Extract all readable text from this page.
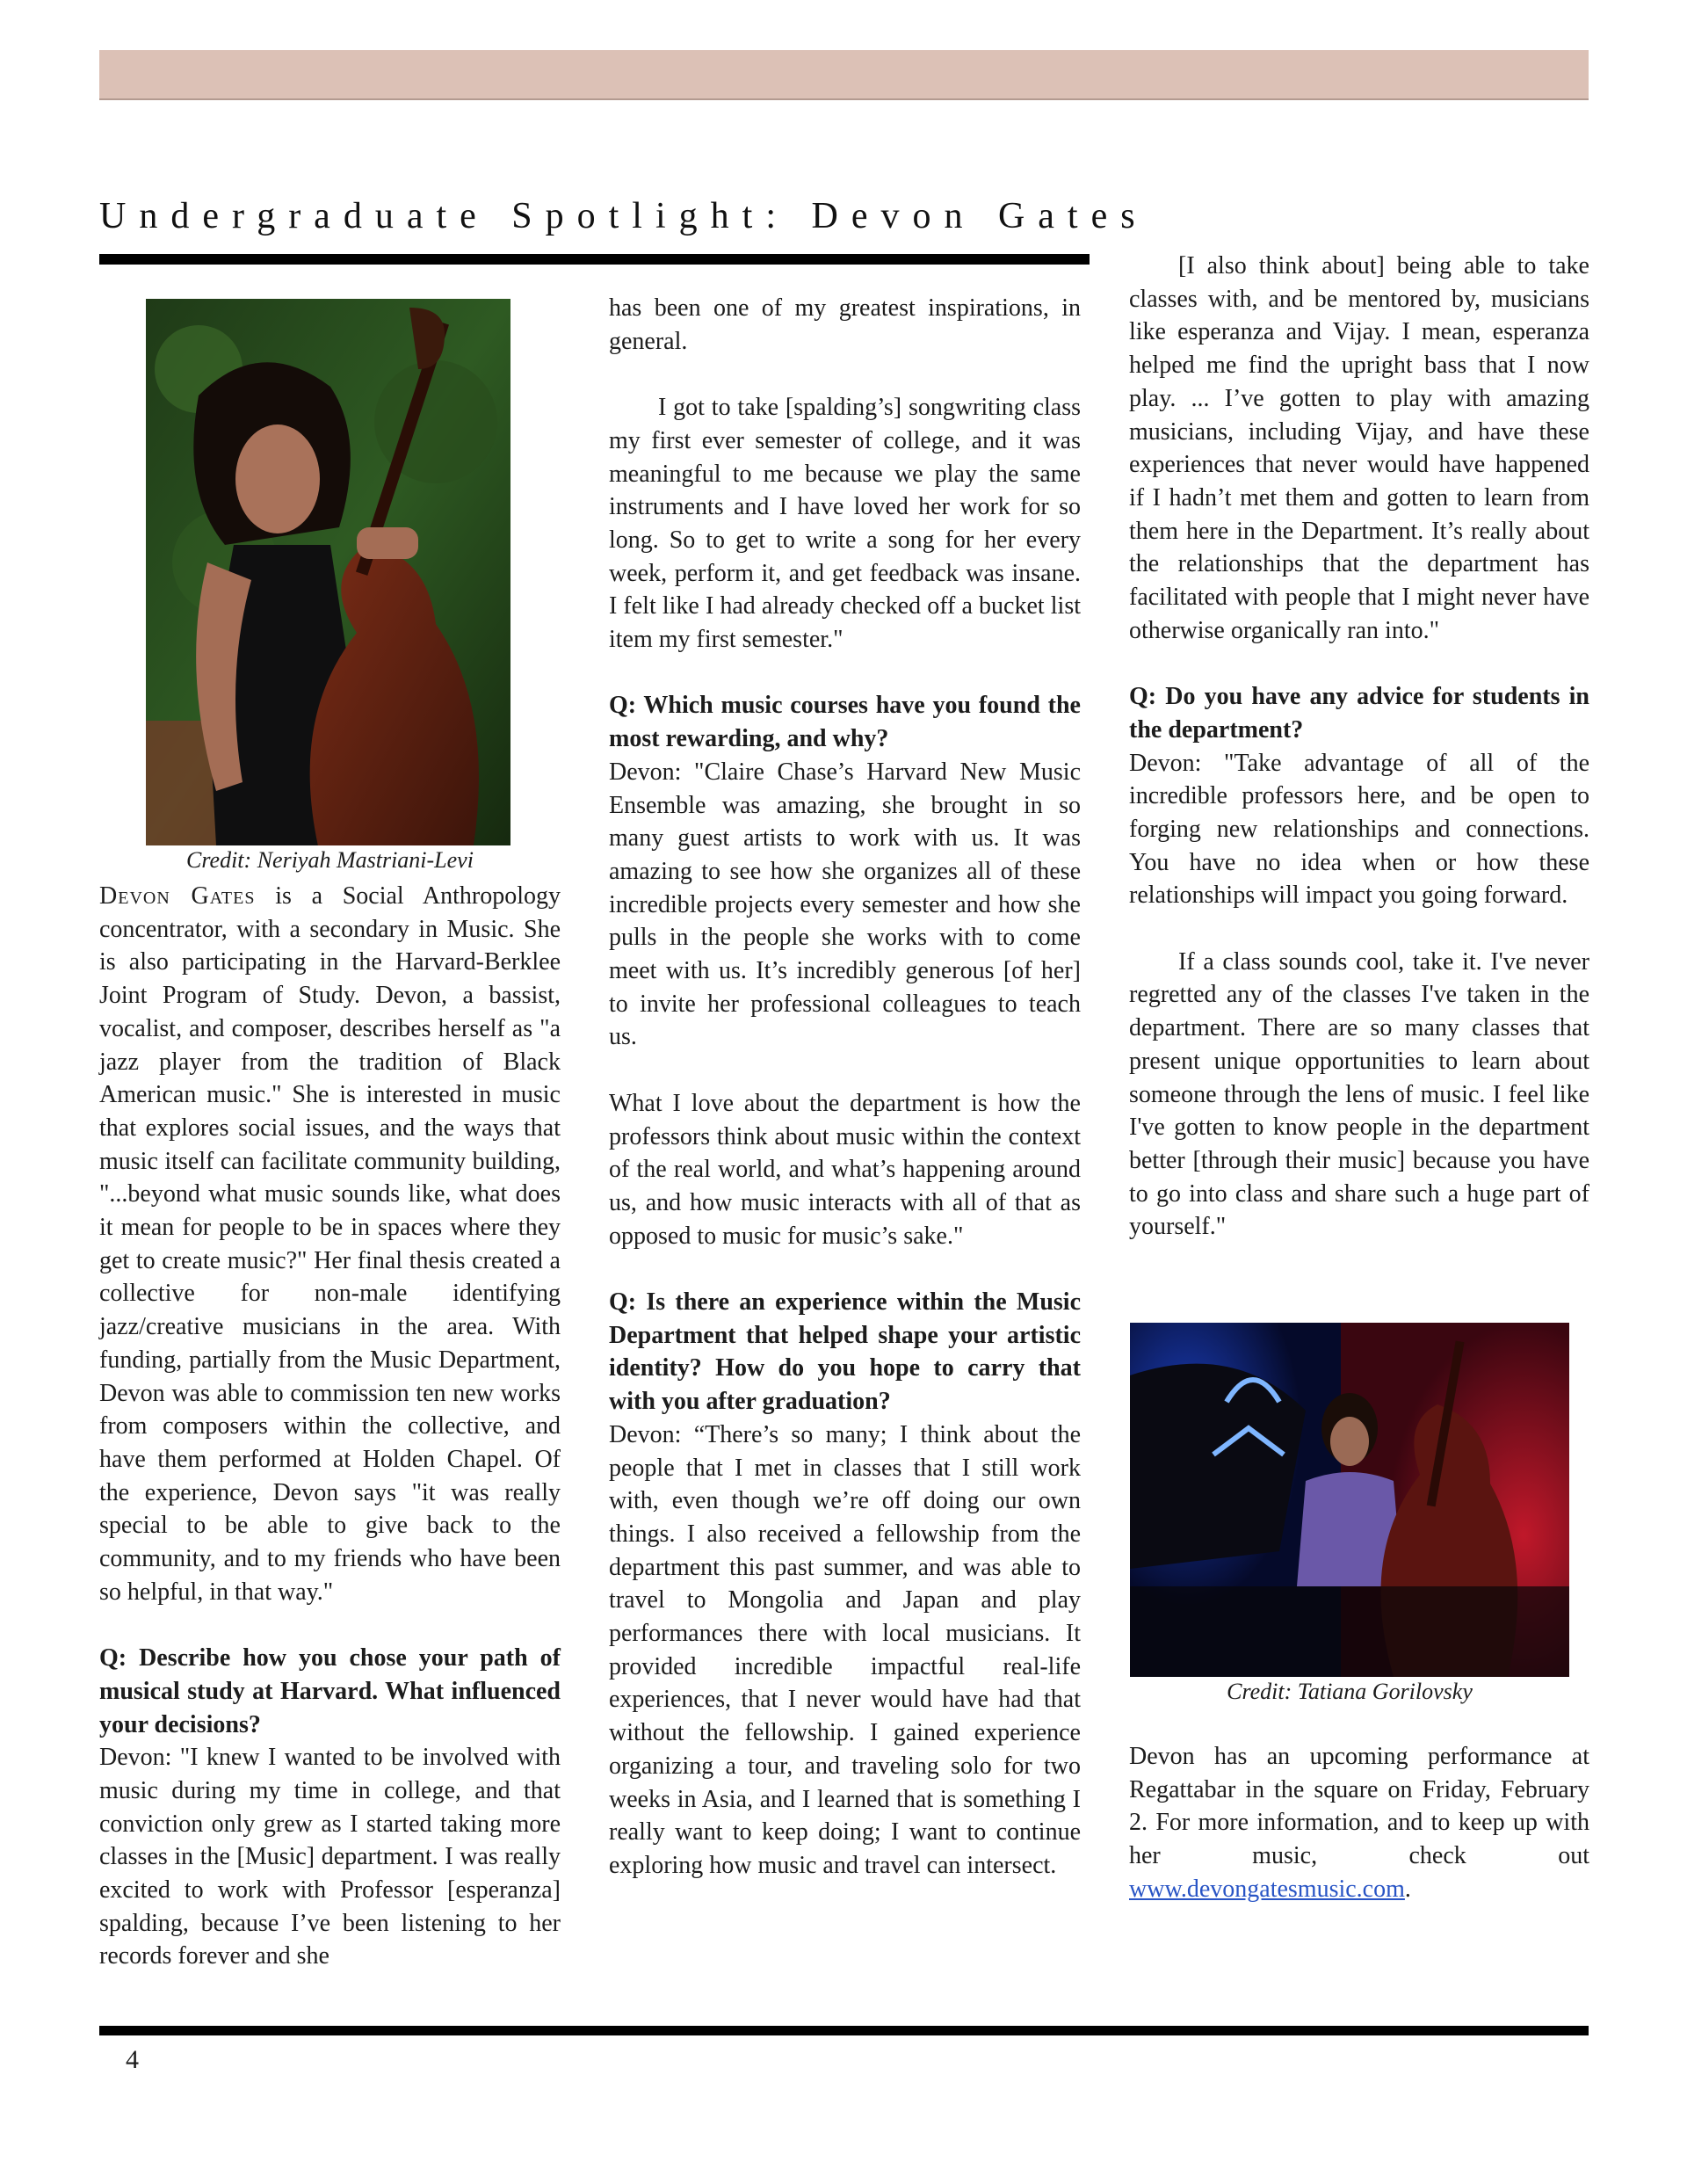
Undergraduate Spotlight: Devon Gates
Credit: Neriyah Mastriani-Levi

Devon Gates is a Social Anthropology concentrator, with a secondary in Music. She is also participating in the Harvard-Berklee Joint Program of Study. Devon, a bassist, vocalist, and composer, describes herself as "a jazz player from the tradition of Black American music." She is interested in music that explores social issues, and the ways that music itself can facilitate community building, "...beyond what music sounds like, what does it mean for people to be in spaces where they get to create music?" Her final thesis created a collective for non-male identifying jazz/creative musicians in the area. With funding, partially from the Music Department, Devon was able to commission ten new works from composers within the collective, and have them performed at Holden Chapel. Of the experience, Devon says "it was really special to be able to give back to the community, and to my friends who have been so helpful, in that way."

Q: Describe how you chose your path of musical study at Harvard. What influenced your decisions?

Devon: "I knew I wanted to be involved with music during my time in college, and that conviction only grew as I started taking more classes in the [Music] department. I was really excited to work with Professor [esperanza] spalding, because I’ve been listening to her records forever and she

has been one of my greatest inspirations, in general.

I got to take [spalding’s] songwriting class my first ever semester of college, and it was meaningful to me because we play the same instruments and I have loved her work for so long. So to get to write a song for her every week, perform it, and get feedback was insane. I felt like I had already checked off a bucket list item my first semester."

Q: Which music courses have you found the most rewarding, and why?

Devon: "Claire Chase’s Harvard New Music Ensemble was amazing, she brought in so many guest artists to work with us. It was amazing to see how she organizes all of these incredible projects every semester and how she pulls in the people she works with to come meet with us. It’s incredibly generous [of her] to invite her professional colleagues to teach us.

What I love about the department is how the professors think about music within the context of the real world, and what’s happening around us, and how music interacts with all of that as opposed to music for music’s sake."

Q: Is there an experience within the Music Department that helped shape your artistic identity? How do you hope to carry that with you after graduation?

Devon: “There’s so many; I think about the people that I met in classes that I still work with, even though we’re off doing our own things. I also received a fellowship from the department this past summer, and was able to travel to Mongolia and Japan and play performances there with local musicians. It provided incredible impactful real-life experiences, that I never would have had that without the fellowship. I gained experience organizing a tour, and traveling solo for two weeks in Asia, and I learned that is something I really want to keep doing; I want to continue exploring how music and travel can intersect.

[I also think about] being able to take classes with, and be mentored by, musicians like esperanza and Vijay. I mean, esperanza helped me find the upright bass that I now play. ... I’ve gotten to play with amazing musicians, including Vijay, and have these experiences that never would have happened if I hadn’t met them and gotten to learn from them here in the Department. It’s really about the relationships that the department has facilitated with people that I might never have otherwise organically ran into."

Q: Do you have any advice for students in the department?

Devon: "Take advantage of all of the incredible professors here, and be open to forging new relationships and connections. You have no idea when or how these relationships will impact you going forward.

If a class sounds cool, take it. I've never regretted any of the classes I've taken in the department. There are so many classes that present unique opportunities to learn about someone through the lens of music. I feel like I've gotten to know people in the department better [through their music] because you have to go into class and share such a huge part of yourself."

Credit: Tatiana Gorilovsky

Devon has an upcoming performance at Regattabar in the square on Friday, February 2. For more information, and to keep up with her music, check out www.devongatesmusic.com.

4
